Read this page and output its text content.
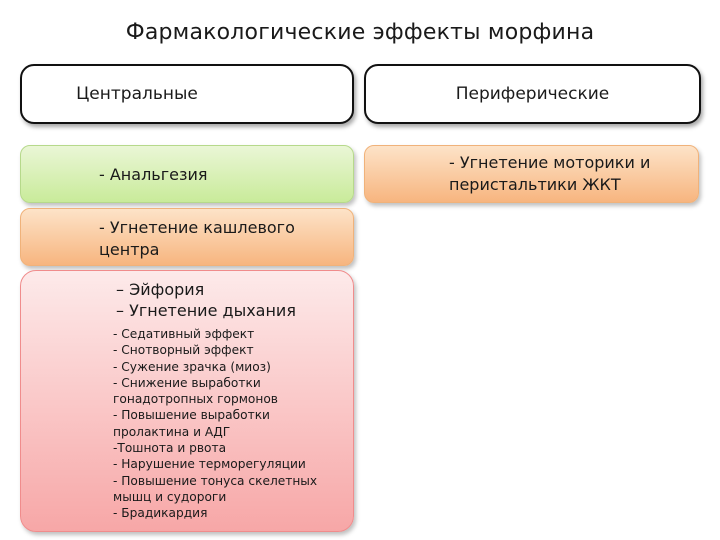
Фармакологические эффекты морфина
Центральные	Периферические
- Анальгезия
- Угнетение кашлевого
центра
- Угнетение моторики и
перистальтики ЖКТ
– Эйфория
– Угнетение дыхания
- Седативный эффект
- Снотворный эффект
- Сужение зрачка (миоз)
- Снижение выработки
гонадотропных гормонов
- Повышение выработки
пролактина и АДГ
-Тошнота и рвота
- Нарушение терморегуляции
- Повышение тонуса скелетных
мышц и судороги
- Брадикардия
